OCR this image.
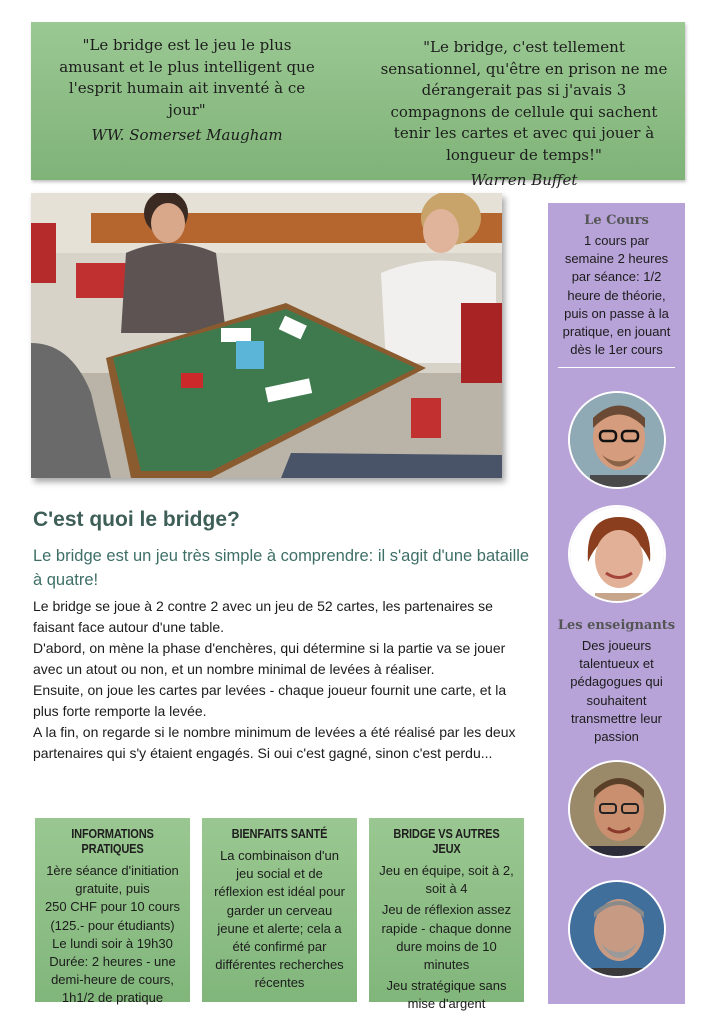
"Le bridge est le jeu le plus amusant et le plus intelligent que l'esprit humain ait inventé à ce jour"
WW. Somerset Maugham
"Le bridge, c'est tellement sensationnel, qu'être en prison ne me dérangerait pas si j'avais 3 compagnons de cellule qui sachent tenir les cartes et avec qui jouer à longueur de temps!"
Warren Buffet
Le Cours
1 cours par semaine 2 heures par séance: 1/2 heure de théorie, puis on passe à la pratique, en jouant dès le 1er cours
Les enseignants
Des joueurs talentueux et pédagogues qui souhaitent transmettre leur passion
C'est quoi le bridge?

Le bridge est un jeu très simple à comprendre: il s'agit d'une bataille à quatre!

Le bridge se joue à 2 contre 2 avec un jeu de 52 cartes, les partenaires se faisant face autour d'une table.

D'abord, on mène la phase d'enchères, qui détermine si la partie va se jouer avec un atout ou non, et un nombre minimal de levées à réaliser.

Ensuite, on joue les cartes par levées - chaque joueur fournit une carte, et la plus forte remporte la levée.

A la fin, on regarde si le nombre minimum de levées a été réalisé par les deux partenaires qui s'y étaient engagés. Si oui c'est gagné, sinon c'est perdu...

INFORMATIONS PRATIQUES
1ère séance d'initiation gratuite, puis
250 CHF pour 10 cours (125.- pour étudiants)
Le lundi soir à 19h30
Durée: 2 heures - une demi-heure de cours, 1h1/2 de pratique
BIENFAITS SANTÉ
La combinaison d'un jeu social et de réflexion est idéal pour garder un cerveau jeune et alerte; cela a été confirmé par différentes recherches récentes
BRIDGE VS AUTRES JEUX
Jeu en équipe, soit à 2, soit à 4
Jeu de réflexion assez rapide - chaque donne dure moins de 10 minutes
Jeu stratégique sans mise d'argent
